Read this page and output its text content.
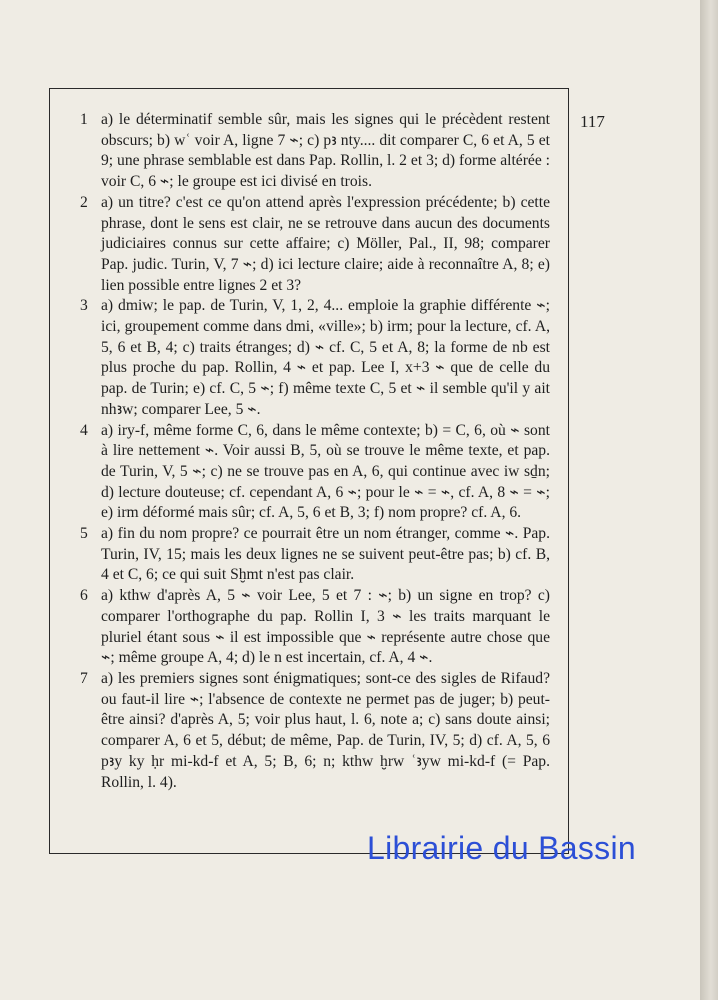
117
1 a) le déterminatif semble sûr, mais les signes qui le précèdent restent obscurs; b) wʿ voir A, ligne 7 ⌁; c) pꜣ nty.... dit comparer C, 6 et A, 5 et 9; une phrase semblable est dans Pap. Rollin, l. 2 et 3; d) forme altérée : voir C, 6 ⌁; le groupe est ici divisé en trois.
2 a) un titre? c'est ce qu'on attend après l'expression précédente; b) cette phrase, dont le sens est clair, ne se retrouve dans aucun des documents judiciaires connus sur cette affaire; c) Möller, Pal., II, 98; comparer Pap. judic. Turin, V, 7 ⌁; d) ici lecture claire; aide à reconnaître A, 8; e) lien possible entre lignes 2 et 3?
3 a) dmiw; le pap. de Turin, V, 1, 2, 4... emploie la graphie différente ⌁; ici, groupement comme dans dmi, «ville»; b) irm; pour la lecture, cf. A, 5, 6 et B, 4; c) traits étranges; d) ⌁ cf. C, 5 et A, 8; la forme de nb est plus proche du pap. Rollin, 4 ⌁ et pap. Lee I, x+3 ⌁ que de celle du pap. de Turin; e) cf. C, 5 ⌁; f) même texte C, 5 et ⌁ il semble qu'il y ait nhꜣw; comparer Lee, 5 ⌁.
4 a) iry-f, même forme C, 6, dans le même contexte; b) = C, 6, où ⌁ sont à lire nettement ⌁. Voir aussi B, 5, où se trouve le même texte, et pap. de Turin, V, 5 ⌁; c) ne se trouve pas en A, 6, qui continue avec iw sḏn; d) lecture douteuse; cf. cependant A, 6 ⌁; pour le ⌁ = ⌁, cf. A, 8 ⌁ = ⌁; e) irm déformé mais sûr; cf. A, 5, 6 et B, 3; f) nom propre? cf. A, 6.
5 a) fin du nom propre? ce pourrait être un nom étranger, comme ⌁. Pap. Turin, IV, 15; mais les deux lignes ne se suivent peut-être pas; b) cf. B, 4 et C, 6; ce qui suit Sḫmt n'est pas clair.
6 a) kthw d'après A, 5 ⌁ voir Lee, 5 et 7 : ⌁; b) un signe en trop? c) comparer l'orthographe du pap. Rollin I, 3 ⌁ les traits marquant le pluriel étant sous ⌁ il est impossible que ⌁ représente autre chose que ⌁; même groupe A, 4; d) le n est incertain, cf. A, 4 ⌁.
7 a) les premiers signes sont énigmatiques; sont-ce des sigles de Rifaud? ou faut-il lire ⌁; l'absence de contexte ne permet pas de juger; b) peut-être ainsi? d'après A, 5; voir plus haut, l. 6, note a; c) sans doute ainsi; comparer A, 6 et 5, début; de même, Pap. de Turin, IV, 5; d) cf. A, 5, 6 pꜣy ky ḥr mi-kd-f et A, 5; B, 6; n; kthw ḫrw ʿꜣyw mi-kd-f (= Pap. Rollin, l. 4).
Librairie du Bassin
